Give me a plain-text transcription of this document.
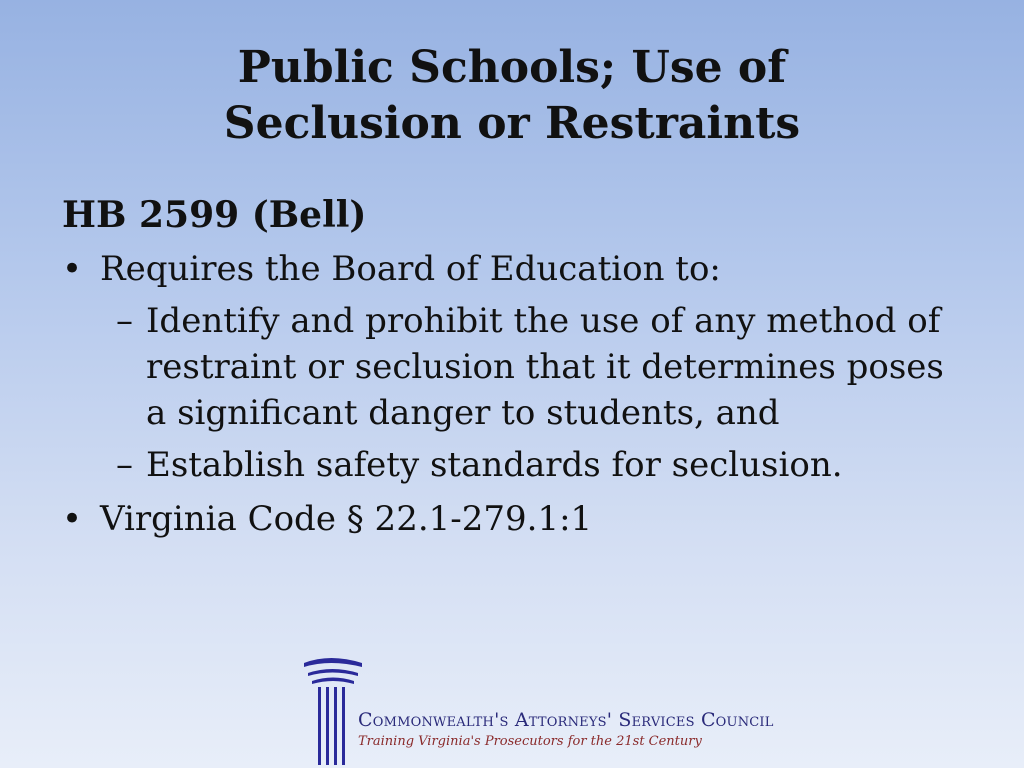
Public Schools; Use of
Seclusion or Restraints
HB 2599 (Bell)
• Requires the Board of Education to:
– Identify and prohibit the use of any method of restraint or seclusion that it determines poses a significant danger to students, and
– Establish safety standards for seclusion.
• Virginia Code § 22.1-279.1:1
Commonwealth's Attorneys' Services Council
Training Virginia's Prosecutors for the 21st Century
